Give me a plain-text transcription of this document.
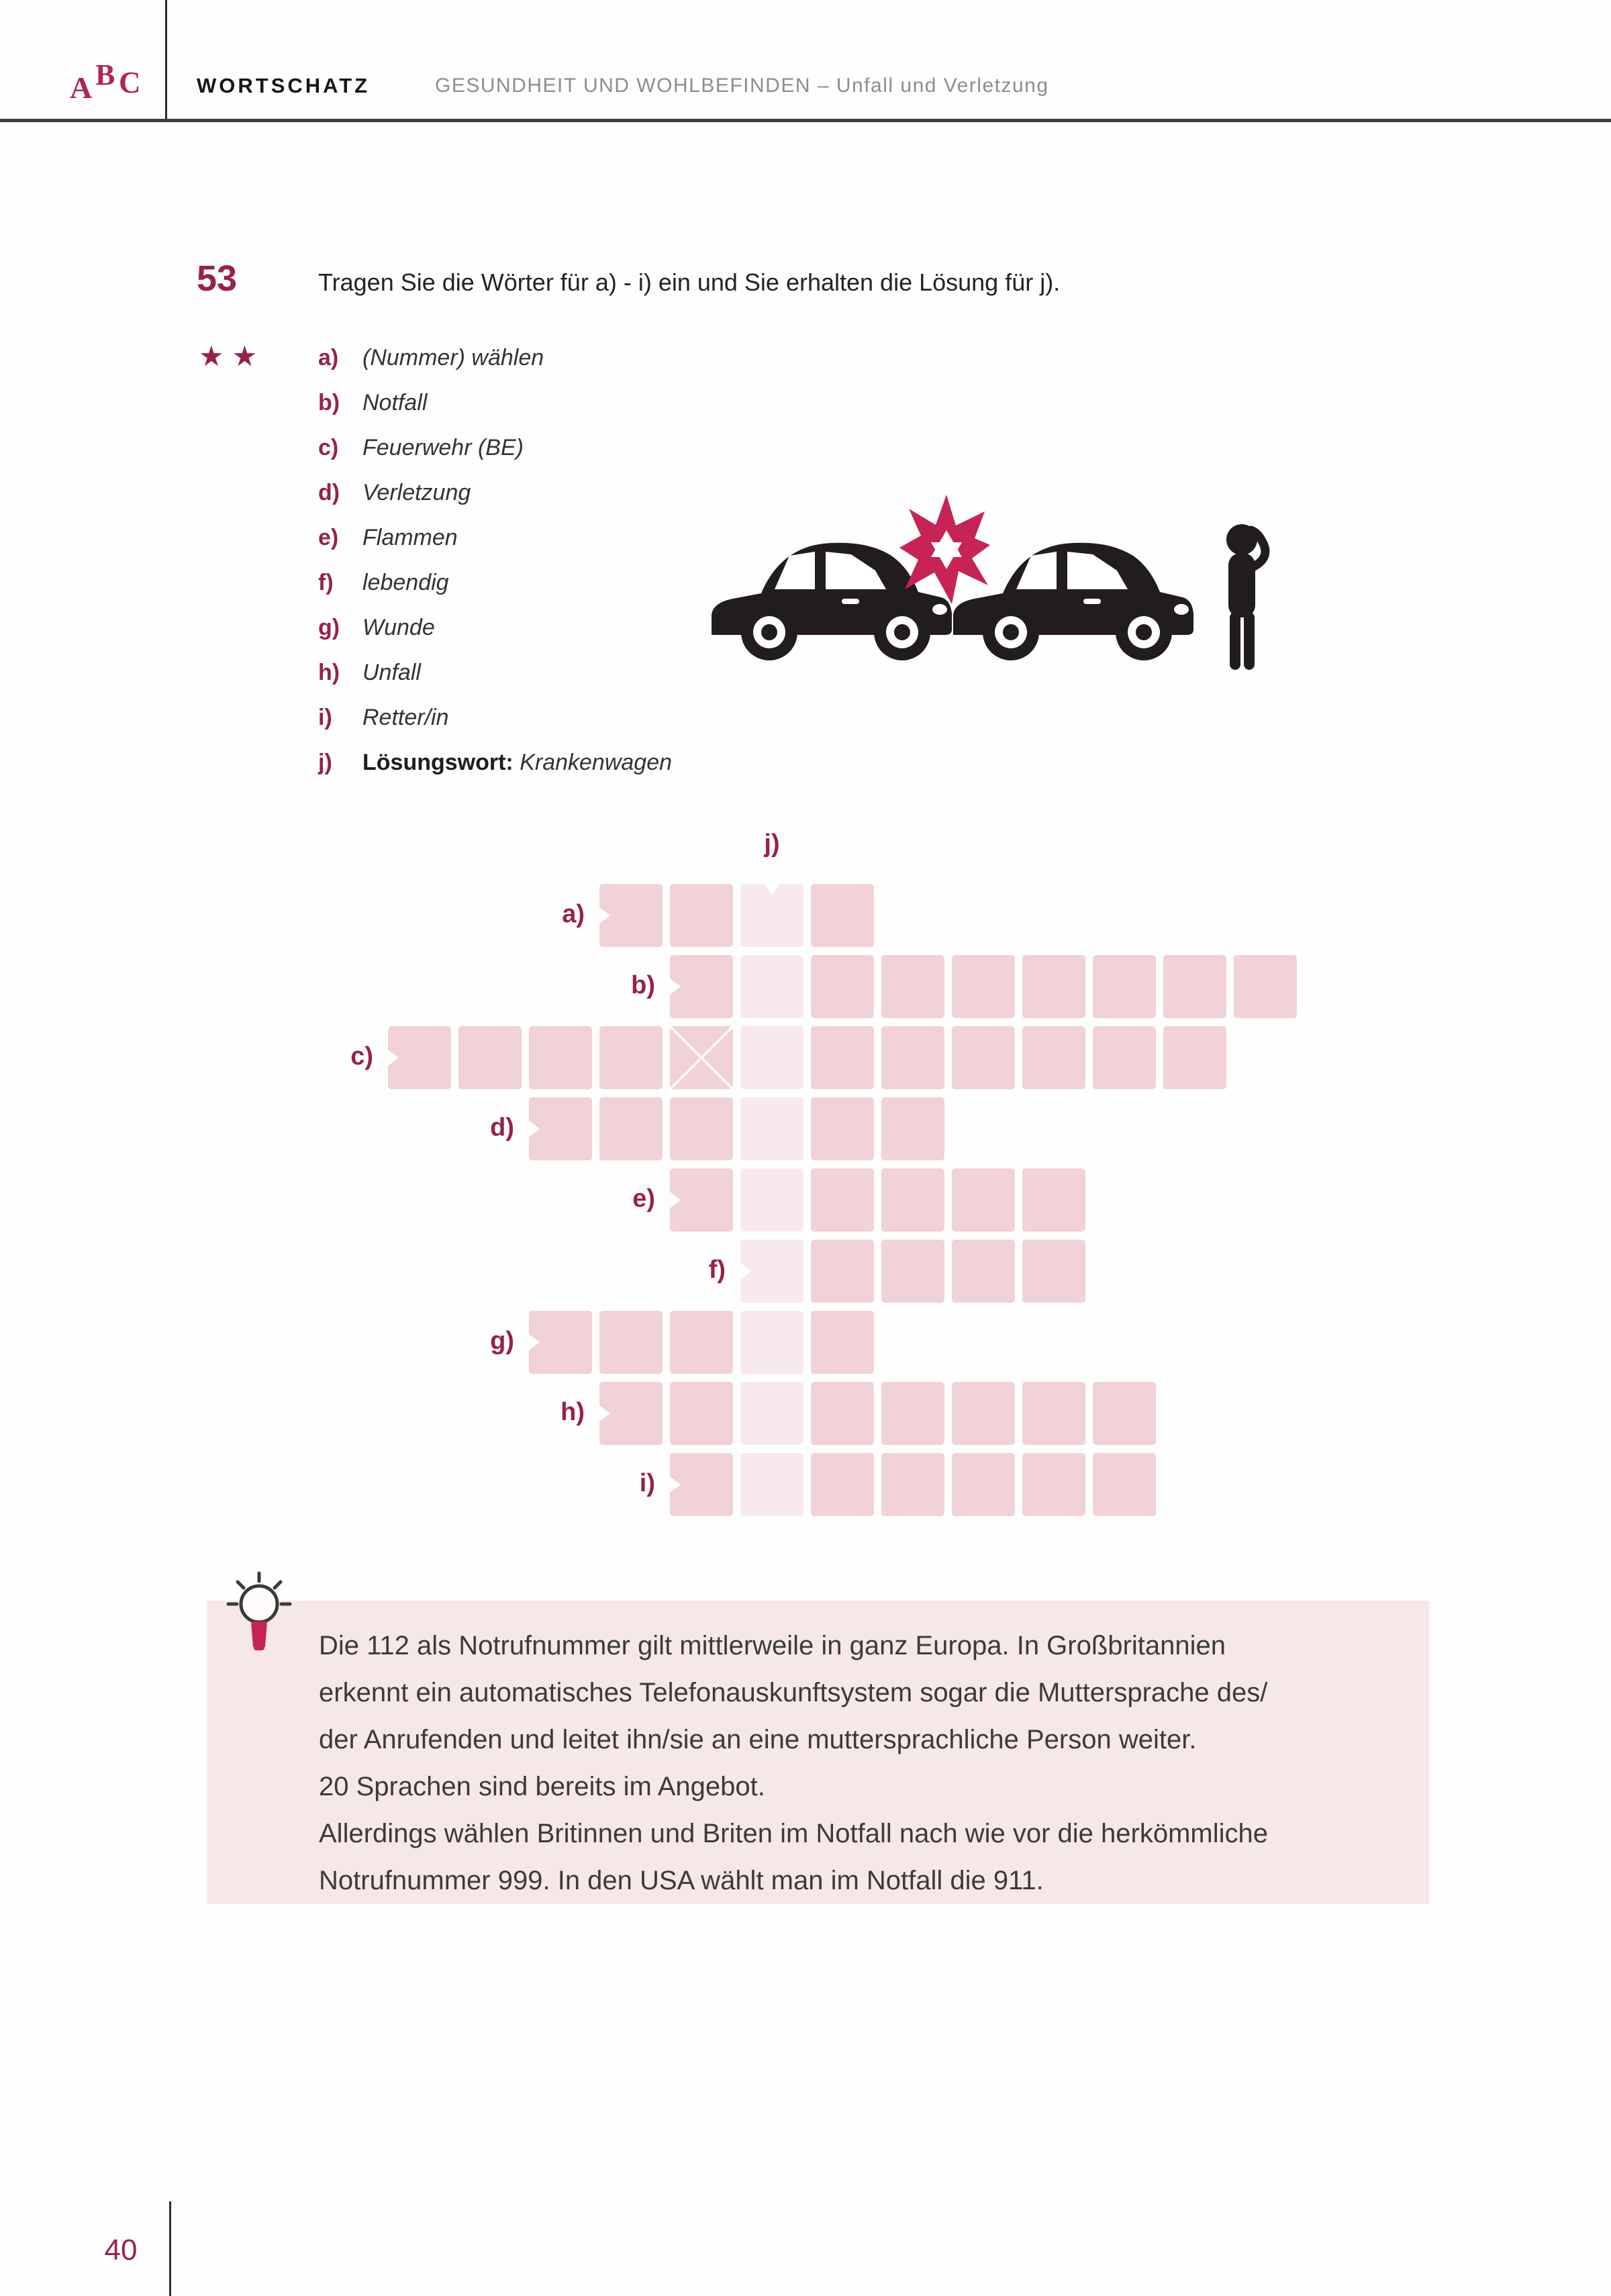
A B C	WORTSCHATZ	GESUNDHEIT UND WOHLBEFINDEN – Unfall und Verletzung
53	Tragen Sie die Wörter für a) - i) ein und Sie erhalten die Lösung für j).
★★ a) (Nummer) wählen
b) Notfall
c) Feuerwehr (BE)
d) Verletzung
e) Flammen
f) lebendig
g) Wunde
h) Unfall
i) Retter/in
j) Lösungswort: Krankenwagen
j)
a)
b)
c)
d)
e)
f)
g)
h)
i)
Die 112 als Notrufnummer gilt mittlerweile in ganz Europa. In Großbritannien
erkennt ein automatisches Telefonauskunftsystem sogar die Muttersprache des/
der Anrufenden und leitet ihn/sie an eine muttersprachliche Person weiter.
20 Sprachen sind bereits im Angebot.
Allerdings wählen Britinnen und Briten im Notfall nach wie vor die herkömmliche
Notrufnummer 999. In den USA wählt man im Notfall die 911.
40
